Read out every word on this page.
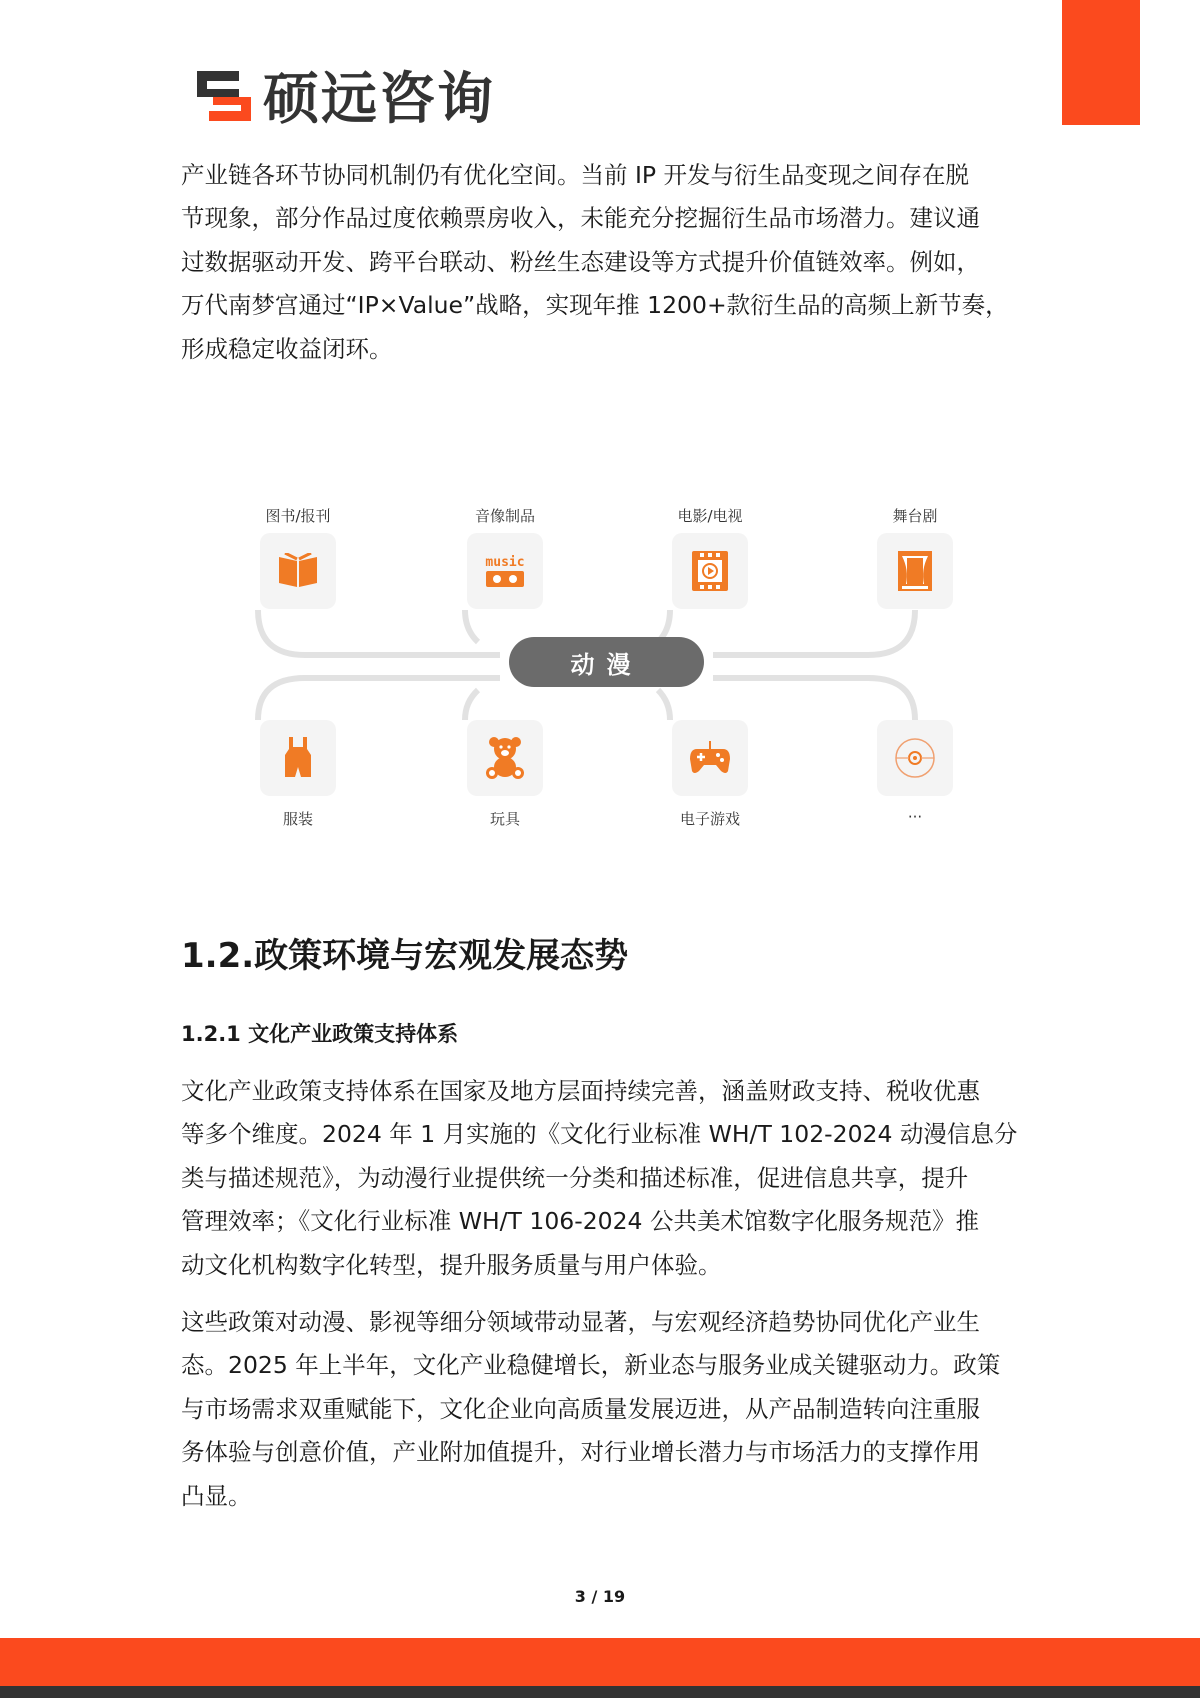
硕远咨询
产业链各环节协同机制仍有优化空间。当前 IP 开发与衍生品变现之间存在脱
节现象，部分作品过度依赖票房收入，未能充分挖掘衍生品市场潜力。建议通
过数据驱动开发、跨平台联动、粉丝生态建设等方式提升价值链效率。例如，
万代南梦宫通过“IP×Value”战略，实现年推 1200+款衍生品的高频上新节奏，
形成稳定收益闭环。
图书/报刊	音像制品
music
电影/电视	舞台剧
动漫
服装	玩具	电子游戏	···
1.2.政策环境与宏观发展态势
1.2.1 文化产业政策支持体系
文化产业政策支持体系在国家及地方层面持续完善，涵盖财政支持、税收优惠
等多个维度。2024 年 1 月实施的《文化行业标准 WH/T 102-2024 动漫信息分
类与描述规范》，为动漫行业提供统一分类和描述标准，促进信息共享，提升
管理效率；《文化行业标准 WH/T 106-2024 公共美术馆数字化服务规范》推
动文化机构数字化转型，提升服务质量与用户体验。
这些政策对动漫、影视等细分领域带动显著，与宏观经济趋势协同优化产业生
态。2025 年上半年，文化产业稳健增长，新业态与服务业成关键驱动力。政策
与市场需求双重赋能下，文化企业向高质量发展迈进，从产品制造转向注重服
务体验与创意价值，产业附加值提升，对行业增长潜力与市场活力的支撑作用
凸显。
3 / 19
